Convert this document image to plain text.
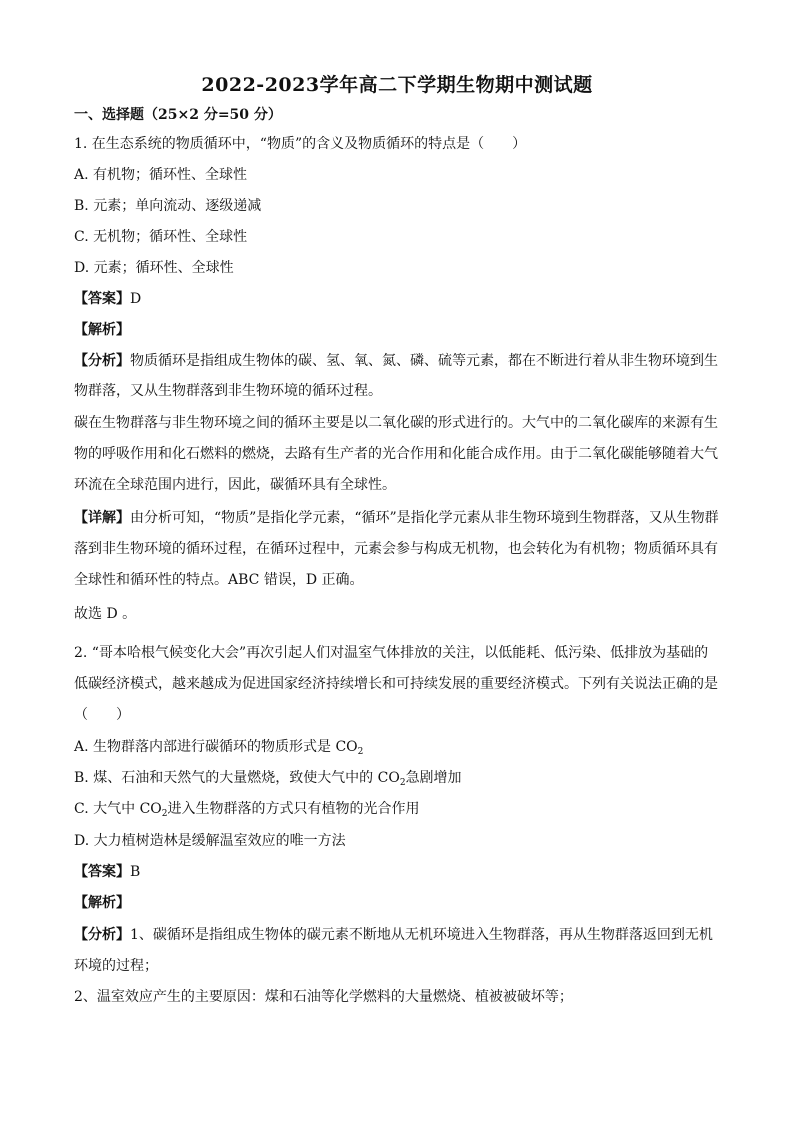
2022-2023学年高二下学期生物期中测试题
一、选择题（25×2 分=50 分）
1. 在生态系统的物质循环中，“物质”的含义及物质循环的特点是（　　）
A. 有机物；循环性、全球性
B. 元素；单向流动、逐级递减
C. 无机物；循环性、全球性
D. 元素；循环性、全球性
【答案】D
【解析】
【分析】物质循环是指组成生物体的碳、氢、氧、氮、磷、硫等元素，都在不断进行着从非生物环境到生
物群落，又从生物群落到非生物环境的循环过程。
碳在生物群落与非生物环境之间的循环主要是以二氧化碳的形式进行的。大气中的二氧化碳库的来源有生
物的呼吸作用和化石燃料的燃烧，去路有生产者的光合作用和化能合成作用。由于二氧化碳能够随着大气
环流在全球范围内进行，因此，碳循环具有全球性。
【详解】由分析可知，“物质”是指化学元素，“循环”是指化学元素从非生物环境到生物群落，又从生物群
落到非生物环境的循环过程，在循环过程中，元素会参与构成无机物，也会转化为有机物；物质循环具有
全球性和循环性的特点。ABC 错误，D 正确。
故选 D 。
2. “哥本哈根气候变化大会”再次引起人们对温室气体排放的关注，以低能耗、低污染、低排放为基础的
低碳经济模式，越来越成为促进国家经济持续增长和可持续发展的重要经济模式。下列有关说法正确的是
（　　）
A. 生物群落内部进行碳循环的物质形式是 $CO_2$
B. 煤、石油和天然气的大量燃烧，致使大气中的 $CO_2$急剧增加
C. 大气中 $CO_2$进入生物群落的方式只有植物的光合作用
D. 大力植树造林是缓解温室效应的唯一方法
【答案】B
【解析】
【分析】1、碳循环是指组成生物体的碳元素不断地从无机环境进入生物群落，再从生物群落返回到无机
环境的过程；
2、温室效应产生的主要原因：煤和石油等化学燃料的大量燃烧、植被被破坏等；
